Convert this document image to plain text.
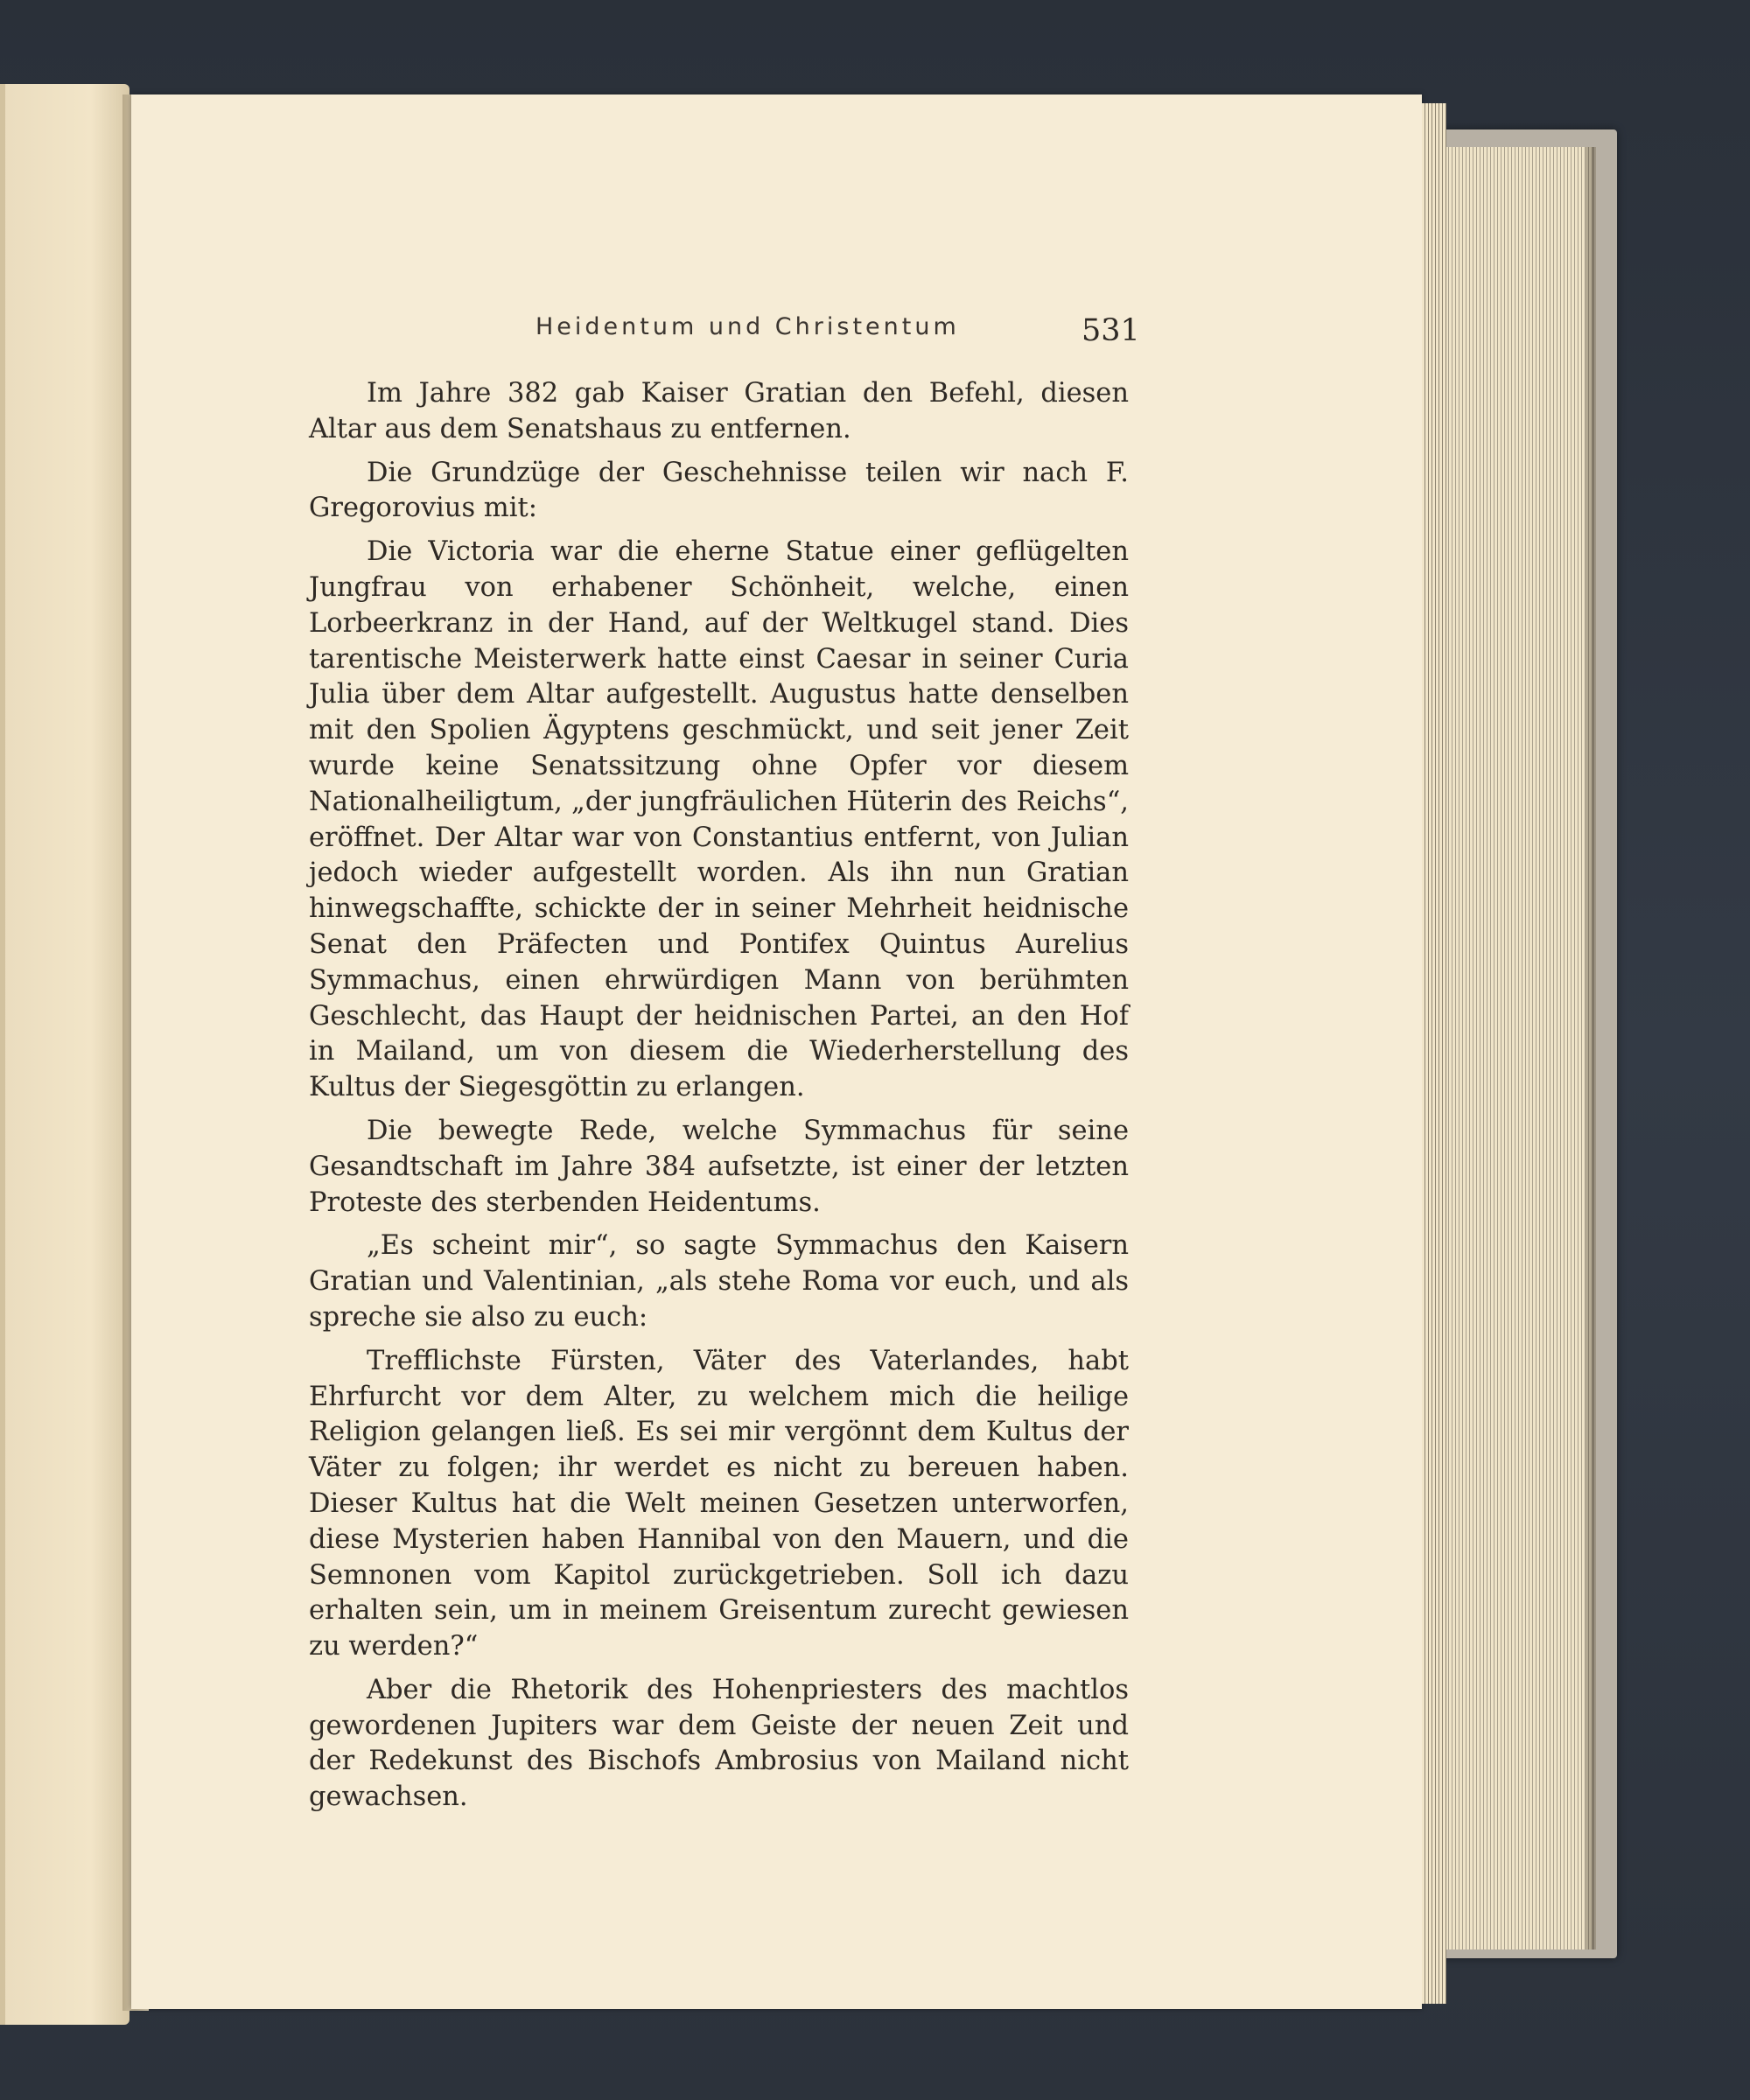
Heidentum und Christentum	531

Im Jahre 382 gab Kaiser Gratian den Befehl, diesen Altar aus dem Senatshaus zu entfernen.

Die Grundzüge der Geschehnisse teilen wir nach F. Gregorovius mit:

Die Victoria war die eherne Statue einer geflügelten Jungfrau von erhabener Schönheit, welche, einen Lorbeerkranz in der Hand, auf der Weltkugel stand. Dies tarentische Meisterwerk hatte einst Caesar in seiner Curia Julia über dem Altar aufgestellt. Augustus hatte denselben mit den Spolien Ägyptens geschmückt, und seit jener Zeit wurde keine Senatssitzung ohne Opfer vor diesem Nationalheiligtum, „der jungfräulichen Hüterin des Reichs“, eröffnet. Der Altar war von Constantius entfernt, von Julian jedoch wieder aufgestellt worden. Als ihn nun Gratian hinwegschaffte, schickte der in seiner Mehrheit heidnische Senat den Präfecten und Pontifex Quintus Aurelius Symmachus, einen ehrwürdigen Mann von berühmten Geschlecht, das Haupt der heidnischen Partei, an den Hof in Mailand, um von diesem die Wiederherstellung des Kultus der Siegesgöttin zu erlangen.

Die bewegte Rede, welche Symmachus für seine Gesandtschaft im Jahre 384 aufsetzte, ist einer der letzten Proteste des sterbenden Heidentums.

„Es scheint mir“, so sagte Symmachus den Kaisern Gratian und Valentinian, „als stehe Roma vor euch, und als spreche sie also zu euch:

Trefflichste Fürsten, Väter des Vaterlandes, habt Ehrfurcht vor dem Alter, zu welchem mich die heilige Religion gelangen ließ. Es sei mir vergönnt dem Kultus der Väter zu folgen; ihr werdet es nicht zu bereuen haben. Dieser Kultus hat die Welt meinen Gesetzen unterworfen, diese Mysterien haben Hannibal von den Mauern, und die Semnonen vom Kapitol zurückgetrieben. Soll ich dazu erhalten sein, um in meinem Greisentum zurecht gewiesen zu werden?“

Aber die Rhetorik des Hohenpriesters des machtlos gewordenen Jupiters war dem Geiste der neuen Zeit und der Redekunst des Bischofs Ambrosius von Mailand nicht gewachsen.
